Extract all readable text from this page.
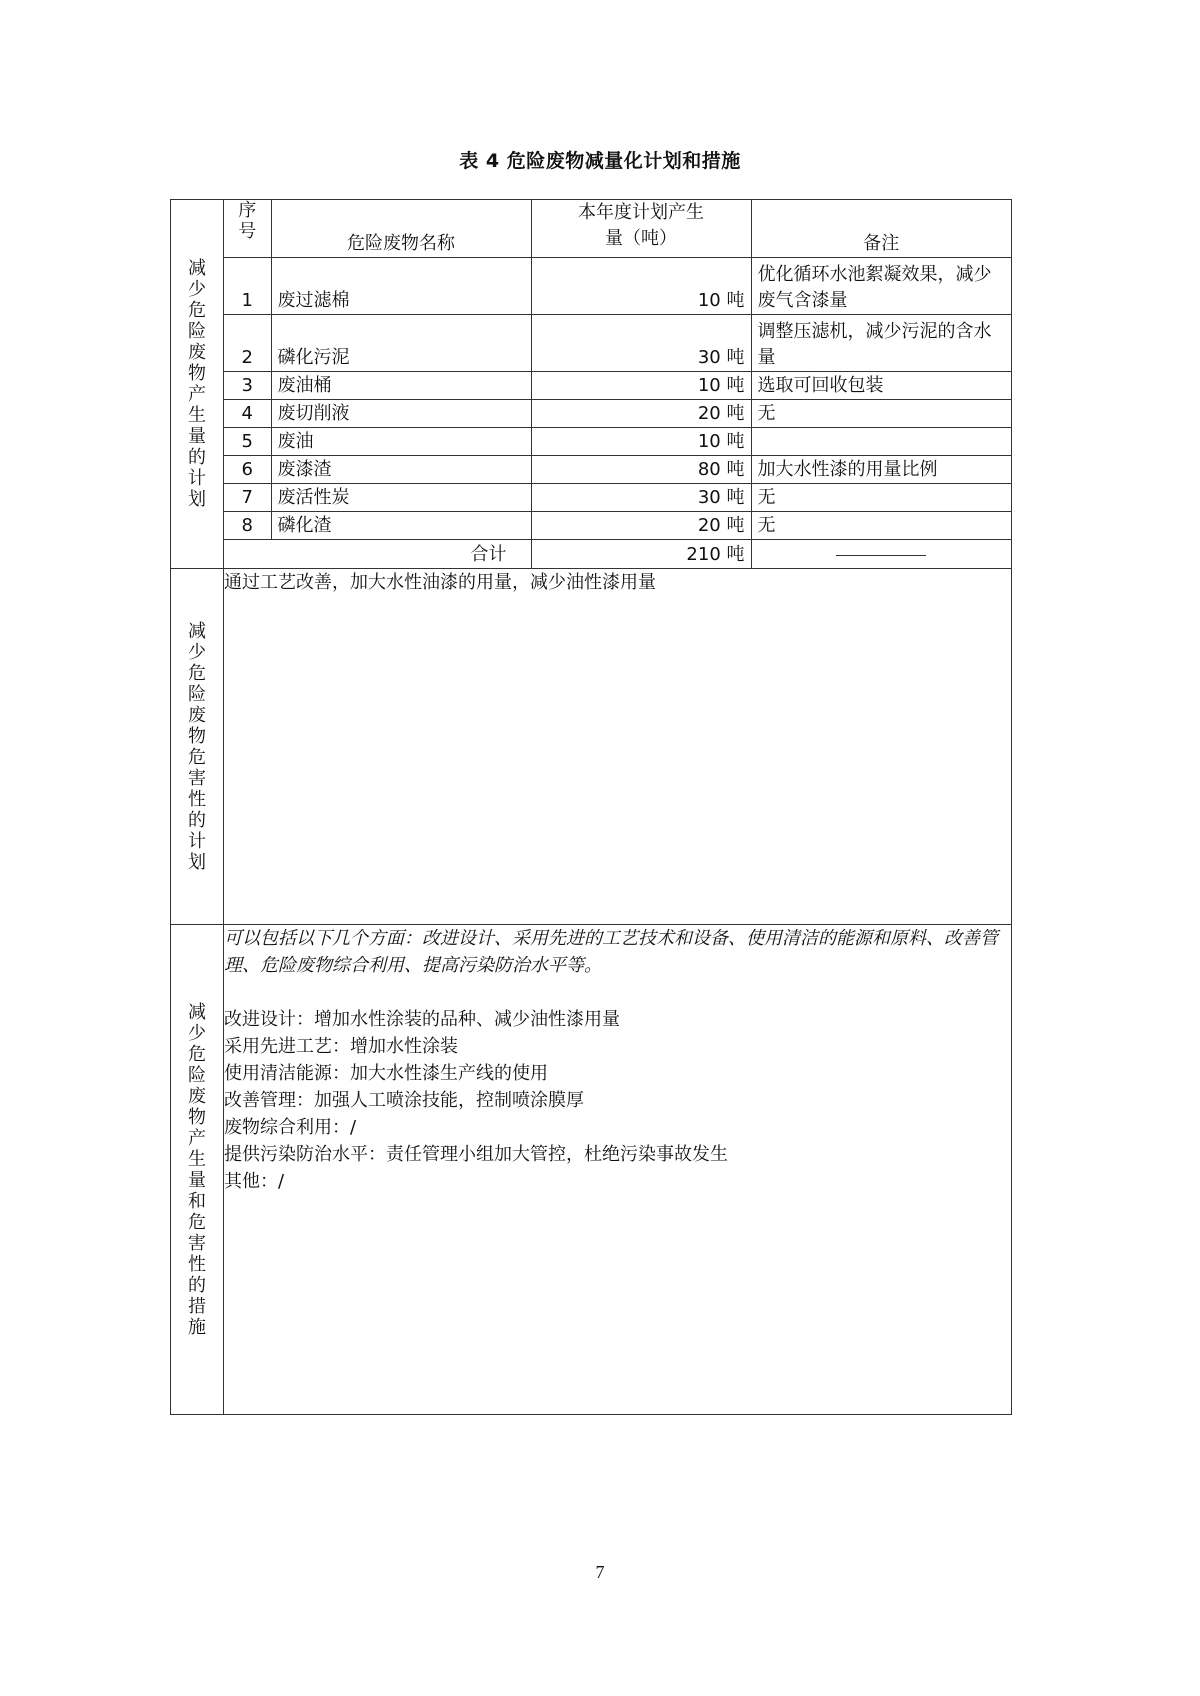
表 4 危险废物减量化计划和措施
减少危险废物产生量的计划	
序号	危险废物名称	本年度计划产生量（吨）	备注
1	废过滤棉	10 吨	优化循环水池絮凝效果，减少废气含漆量
2	磷化污泥	30 吨	调整压滤机，减少污泥的含水量
3	废油桶	10 吨	选取可回收包装
4	废切削液	20 吨	无
5	废油	10 吨	
6	废漆渣	80 吨	加大水性漆的用量比例
7	废活性炭	30 吨	无
8	磷化渣	20 吨	无
合计	210 吨	

减少危险废物危害性的计划	通过工艺改善，加大水性油漆的用量，减少油性漆用量
减少危险废物产生量和危害性的措施	
可以包括以下几个方面：改进设计、采用先进的工艺技术和设备、使用清洁的能源和原料、改善管理、危险废物综合利用、提高污染防治水平等。
改进设计：增加水性涂装的品种、减少油性漆用量
采用先进工艺：增加水性涂装
使用清洁能源：加大水性漆生产线的使用
改善管理：加强人工喷涂技能，控制喷涂膜厚
废物综合利用：/
提供污染防治水平：责任管理小组加大管控，杜绝污染事故发生
其他：/
7
